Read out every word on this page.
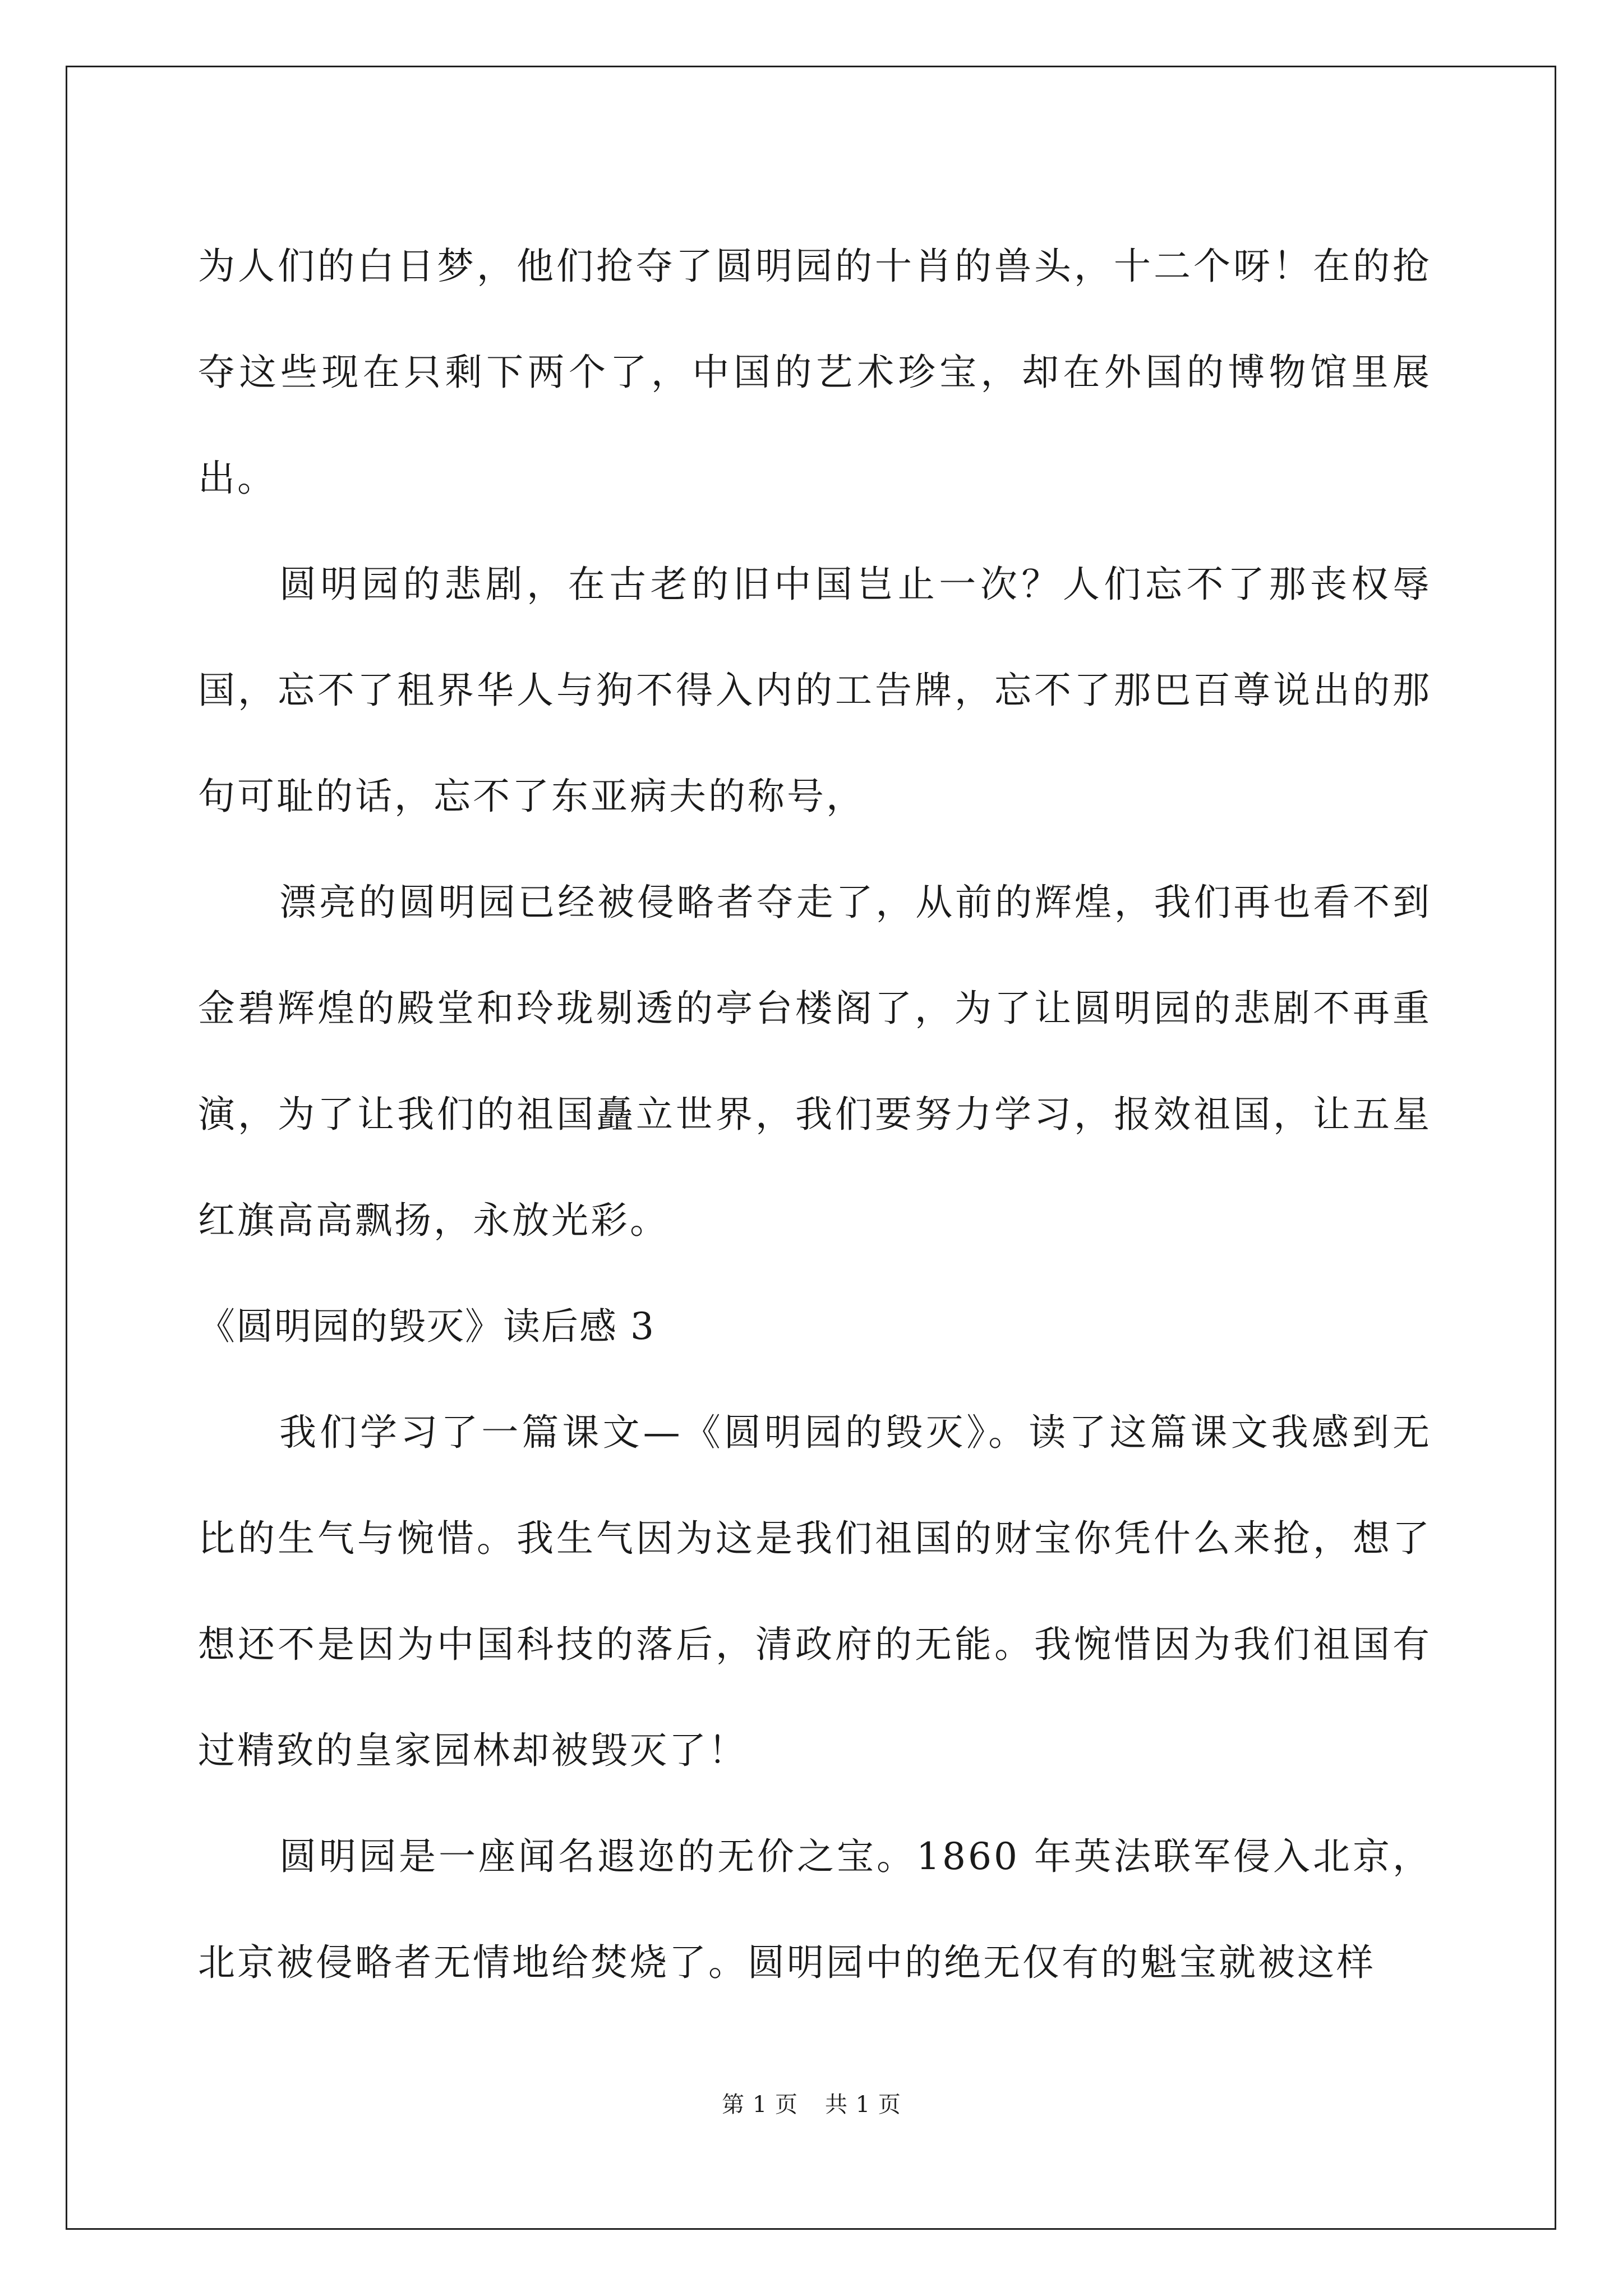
为人们的白日梦，他们抢夺了圆明园的十肖的兽头，十二个呀！在的抢夺这些现在只剩下两个了，中国的艺术珍宝，却在外国的博物馆里展出。

圆明园的悲剧，在古老的旧中国岂止一次？人们忘不了那丧权辱国，忘不了租界华人与狗不得入内的工告牌，忘不了那巴百尊说出的那句可耻的话，忘不了东亚病夫的称号，

漂亮的圆明园已经被侵略者夺走了，从前的辉煌，我们再也看不到金碧辉煌的殿堂和玲珑剔透的亭台楼阁了，为了让圆明园的悲剧不再重演，为了让我们的祖国矗立世界，我们要努力学习，报效祖国，让五星红旗高高飘扬，永放光彩。

《圆明园的毁灭》读后感 3

我们学习了一篇课文—《圆明园的毁灭》。读了这篇课文我感到无比的生气与惋惜。我生气因为这是我们祖国的财宝你凭什么来抢，想了想还不是因为中国科技的落后，清政府的无能。我惋惜因为我们祖国有过精致的皇家园林却被毁灭了！

圆明园是一座闻名遐迩的无价之宝。1860 年英法联军侵入北京，北京被侵略者无情地给焚烧了。圆明园中的绝无仅有的魁宝就被这样

第 1 页 共 1 页
